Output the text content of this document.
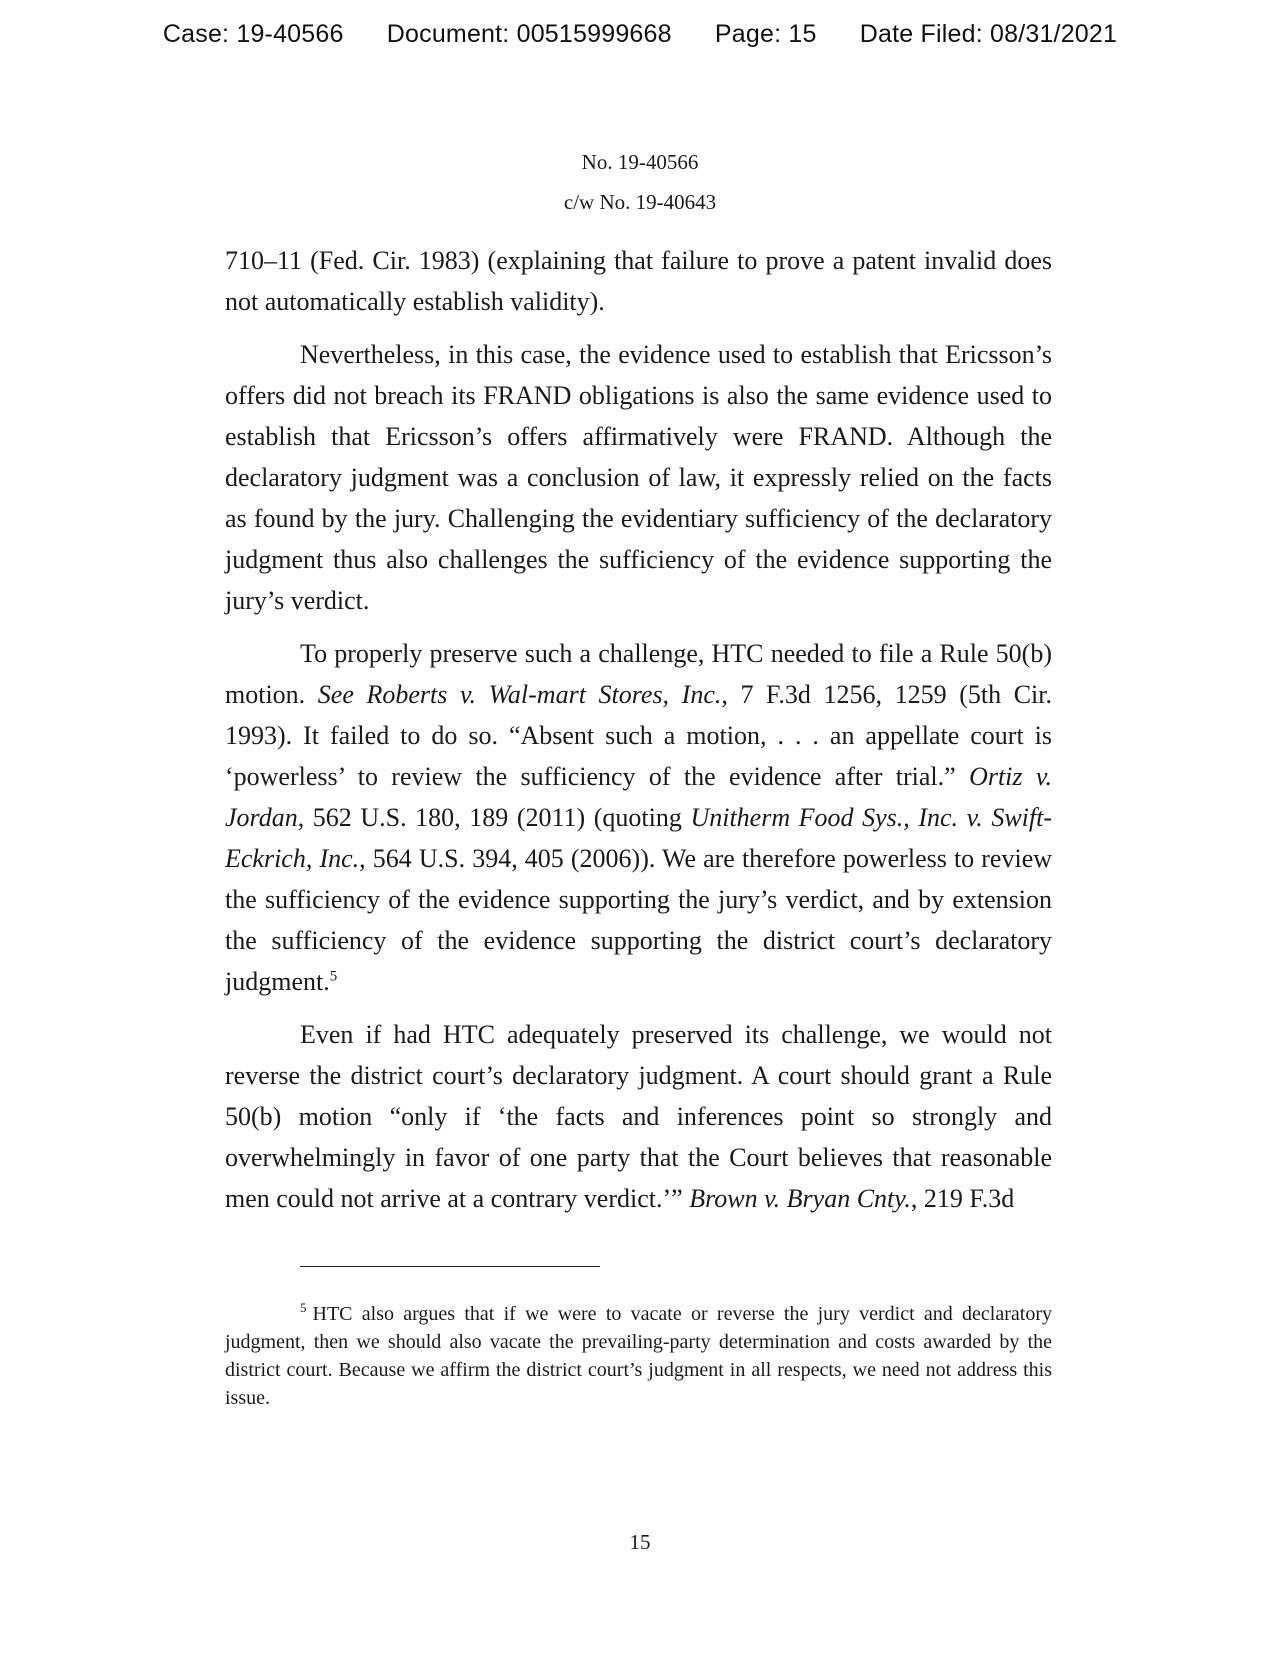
Case: 19-40566 Document: 00515999668 Page: 15 Date Filed: 08/31/2021
No. 19-40566
c/w No. 19-40643

710–11 (Fed. Cir. 1983) (explaining that failure to prove a patent invalid does not automatically establish validity).

Nevertheless, in this case, the evidence used to establish that Ericsson’s offers did not breach its FRAND obligations is also the same evidence used to establish that Ericsson’s offers affirmatively were FRAND. Although the declaratory judgment was a conclusion of law, it expressly relied on the facts as found by the jury. Challenging the evidentiary sufficiency of the declaratory judgment thus also challenges the sufficiency of the evidence supporting the jury’s verdict.

To properly preserve such a challenge, HTC needed to file a Rule 50(b) motion. See Roberts v. Wal-mart Stores, Inc., 7 F.3d 1256, 1259 (5th Cir. 1993). It failed to do so. “Absent such a motion, . . . an appellate court is ‘powerless’ to review the sufficiency of the evidence after trial.” Ortiz v. Jordan, 562 U.S. 180, 189 (2011) (quoting Unitherm Food Sys., Inc. v. Swift-Eckrich, Inc., 564 U.S. 394, 405 (2006)). We are therefore powerless to review the sufficiency of the evidence supporting the jury’s verdict, and by extension the sufficiency of the evidence supporting the district court’s declaratory judgment.$^5$

Even if had HTC adequately preserved its challenge, we would not reverse the district court’s declaratory judgment. A court should grant a Rule 50(b) motion “only if ‘the facts and inferences point so strongly and overwhelmingly in favor of one party that the Court believes that reasonable men could not arrive at a contrary verdict.’” Brown v. Bryan Cnty., 219 F.3d

$^5$ HTC also argues that if we were to vacate or reverse the jury verdict and declaratory judgment, then we should also vacate the prevailing-party determination and costs awarded by the district court. Because we affirm the district court’s judgment in all respects, we need not address this issue.
15
